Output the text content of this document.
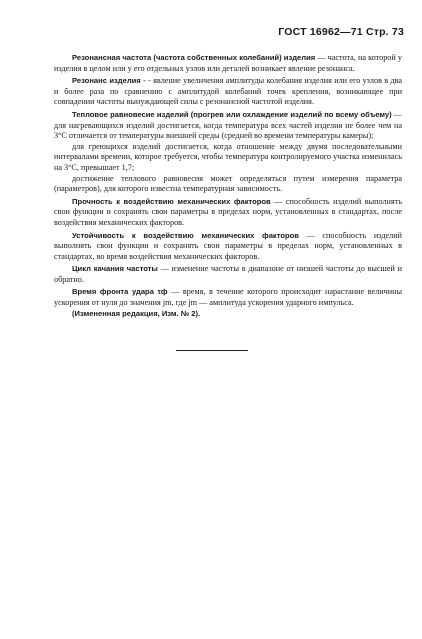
ГОСТ 16962—71 Стр. 73

Резонансная частота (частота собственных колебаний) изделия — частота, на которой у изделия в целом или у его отдельных узлов или деталей возникает явление резонанса.

Резонанс изделия - - явление увеличения амплитуды колебания изделия или его узлов в два и более раза по сравнению с амплитудой колебаний точек крепления, возникающее при совпадении частоты вынуждающей силы с резонансной частотой изделия.

Тепловое равновесие изделий (прогрев или охлаждение изделий по всему объему) — для нагревающихся изделий достигается, когда температура всех частей изделия не более чем на 3°С отличается от температуры внешней среды (средней во времени температуры камеры);

для греющихся изделий достигается, когда отношение между двумя последовательными интервалами времени, которое требуется, чтобы температура контролируемого участка изменилась на 3°С, превышает 1,7;

достижение теплового равновесия может определяться путем измерения параметра (параметров), для которого известна температурная зависимость.

Прочность к воздействию механических факторов — способность изделий выполнять свои функции и сохранять свои параметры в пределах норм, установленных в стандартах, после воздействия механических факторов.

Устойчивость к воздействию механических факторов — способность изделий выполнять свои функции и сохранять свои параметры в пределах норм, установленных в стандартах, во время воздействия механических факторов.

Цикл качания частоты — изменение частоты в диапазоне от низшей частоты до высшей и обратно.

Время фронта удара τф — время, в течение которого происходит нарастание величины ускорения от нуля до значения jm, где jm — амплитуда ускорения ударного импульса.

(Измененная редакция, Изм. № 2).
